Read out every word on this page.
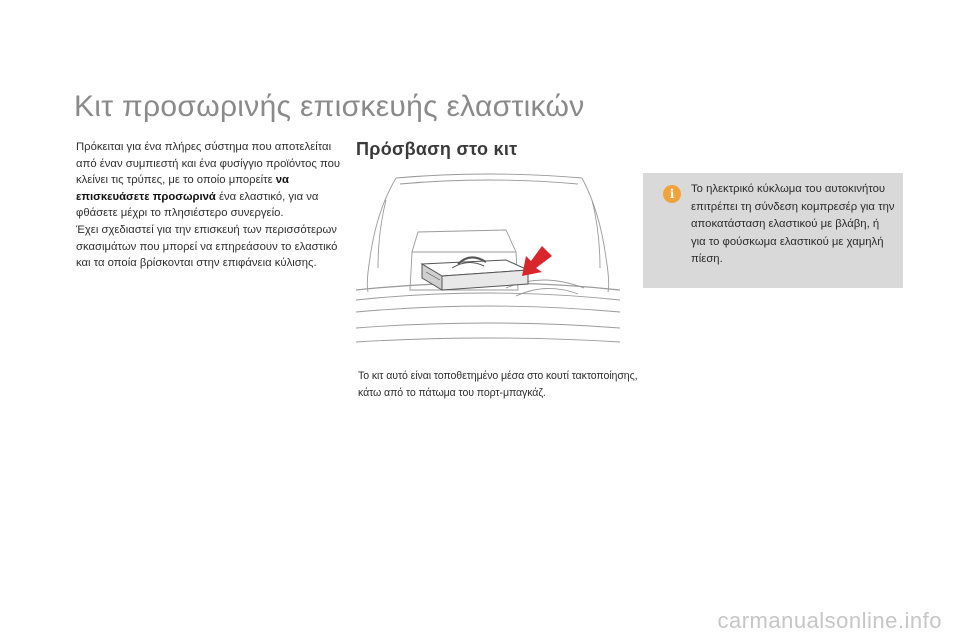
Κιτ προσωρινής επισκευής ελαστικών

Πρόκειται για ένα πλήρες σύστημα που αποτελείται από έναν συμπιεστή και ένα φυσίγγιο προϊόντος που κλείνει τις τρύπες, με το οποίο μπορείτε να επισκευάσετε προσωρινά ένα ελαστικό, για να φθάσετε μέχρι το πλησιέστερο συνεργείο.
Έχει σχεδιαστεί για την επισκευή των περισσότερων σκασιμάτων που μπορεί να επηρεάσουν το ελαστικό και τα οποία βρίσκονται στην επιφάνεια κύλισης.

Πρόσβαση στο κιτ

Το κιτ αυτό είναι τοποθετημένο μέσα στο κουτί τακτοποίησης, κάτω από το πάτωμα του πορτ-μπαγκάζ.

i	Το ηλεκτρικό κύκλωμα του αυτοκινήτου επιτρέπει τη σύνδεση κομπρεσέρ για την αποκατάσταση ελαστικού με βλάβη, ή για το φούσκωμα ελαστικού με χαμηλή πίεση.

carmanualsonline.info
